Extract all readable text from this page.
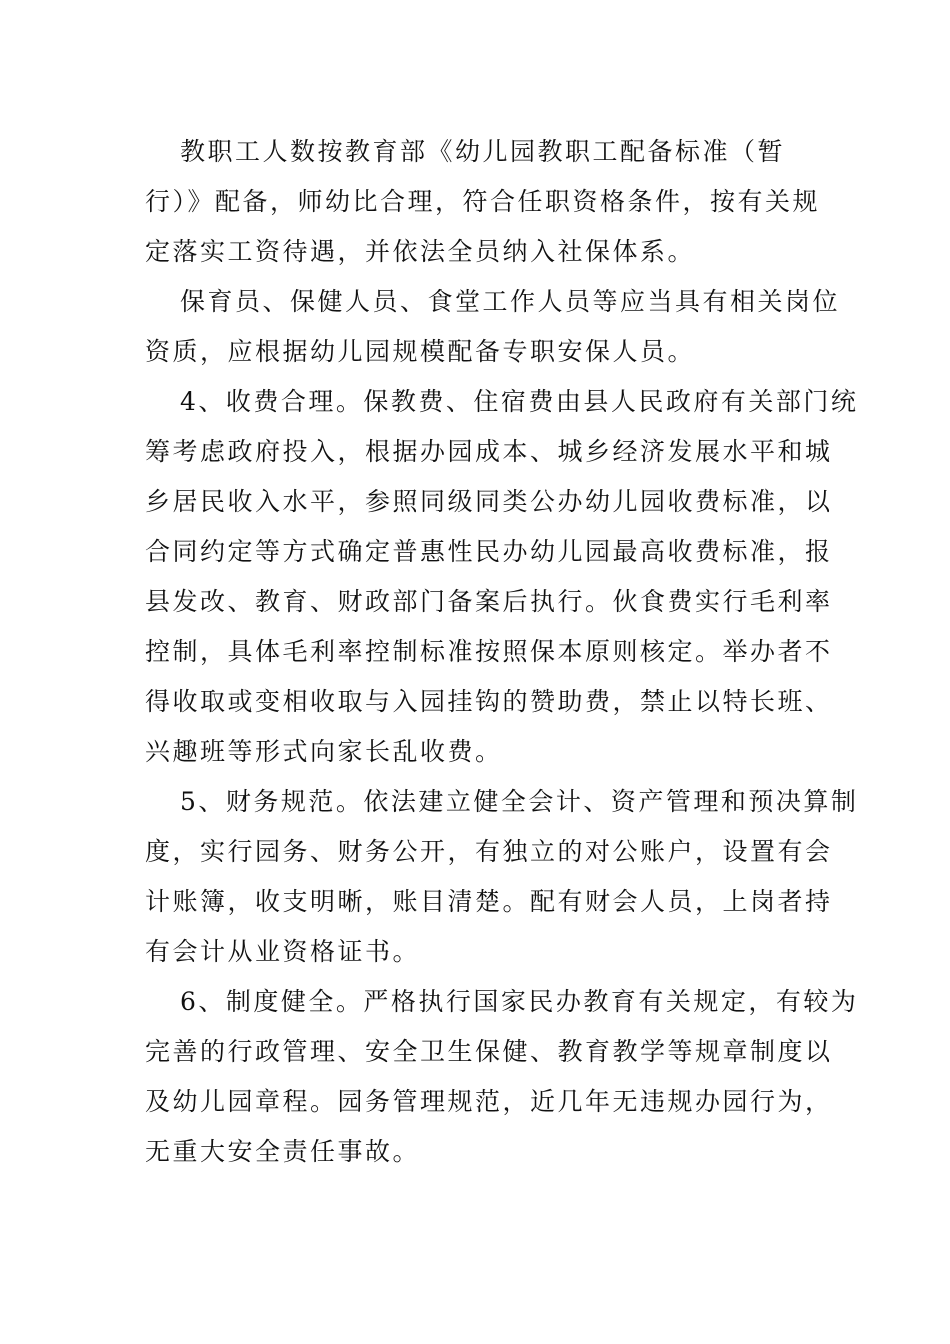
教职工人数按教育部《幼儿园教职工配备标准（暂
行）》配备，师幼比合理，符合任职资格条件，按有关规
定落实工资待遇，并依法全员纳入社保体系。
保育员、保健人员、食堂工作人员等应当具有相关岗位
资质，应根据幼儿园规模配备专职安保人员。
4、收费合理。保教费、住宿费由县人民政府有关部门统
筹考虑政府投入，根据办园成本、城乡经济发展水平和城
乡居民收入水平，参照同级同类公办幼儿园收费标准，以
合同约定等方式确定普惠性民办幼儿园最高收费标准，报
县发改、教育、财政部门备案后执行。伙食费实行毛利率
控制，具体毛利率控制标准按照保本原则核定。举办者不
得收取或变相收取与入园挂钩的赞助费，禁止以特长班、
兴趣班等形式向家长乱收费。
5、财务规范。依法建立健全会计、资产管理和预决算制
度，实行园务、财务公开，有独立的对公账户，设置有会
计账簿，收支明晰，账目清楚。配有财会人员，上岗者持
有会计从业资格证书。
6、制度健全。严格执行国家民办教育有关规定，有较为
完善的行政管理、安全卫生保健、教育教学等规章制度以
及幼儿园章程。园务管理规范，近几年无违规办园行为，
无重大安全责任事故。
